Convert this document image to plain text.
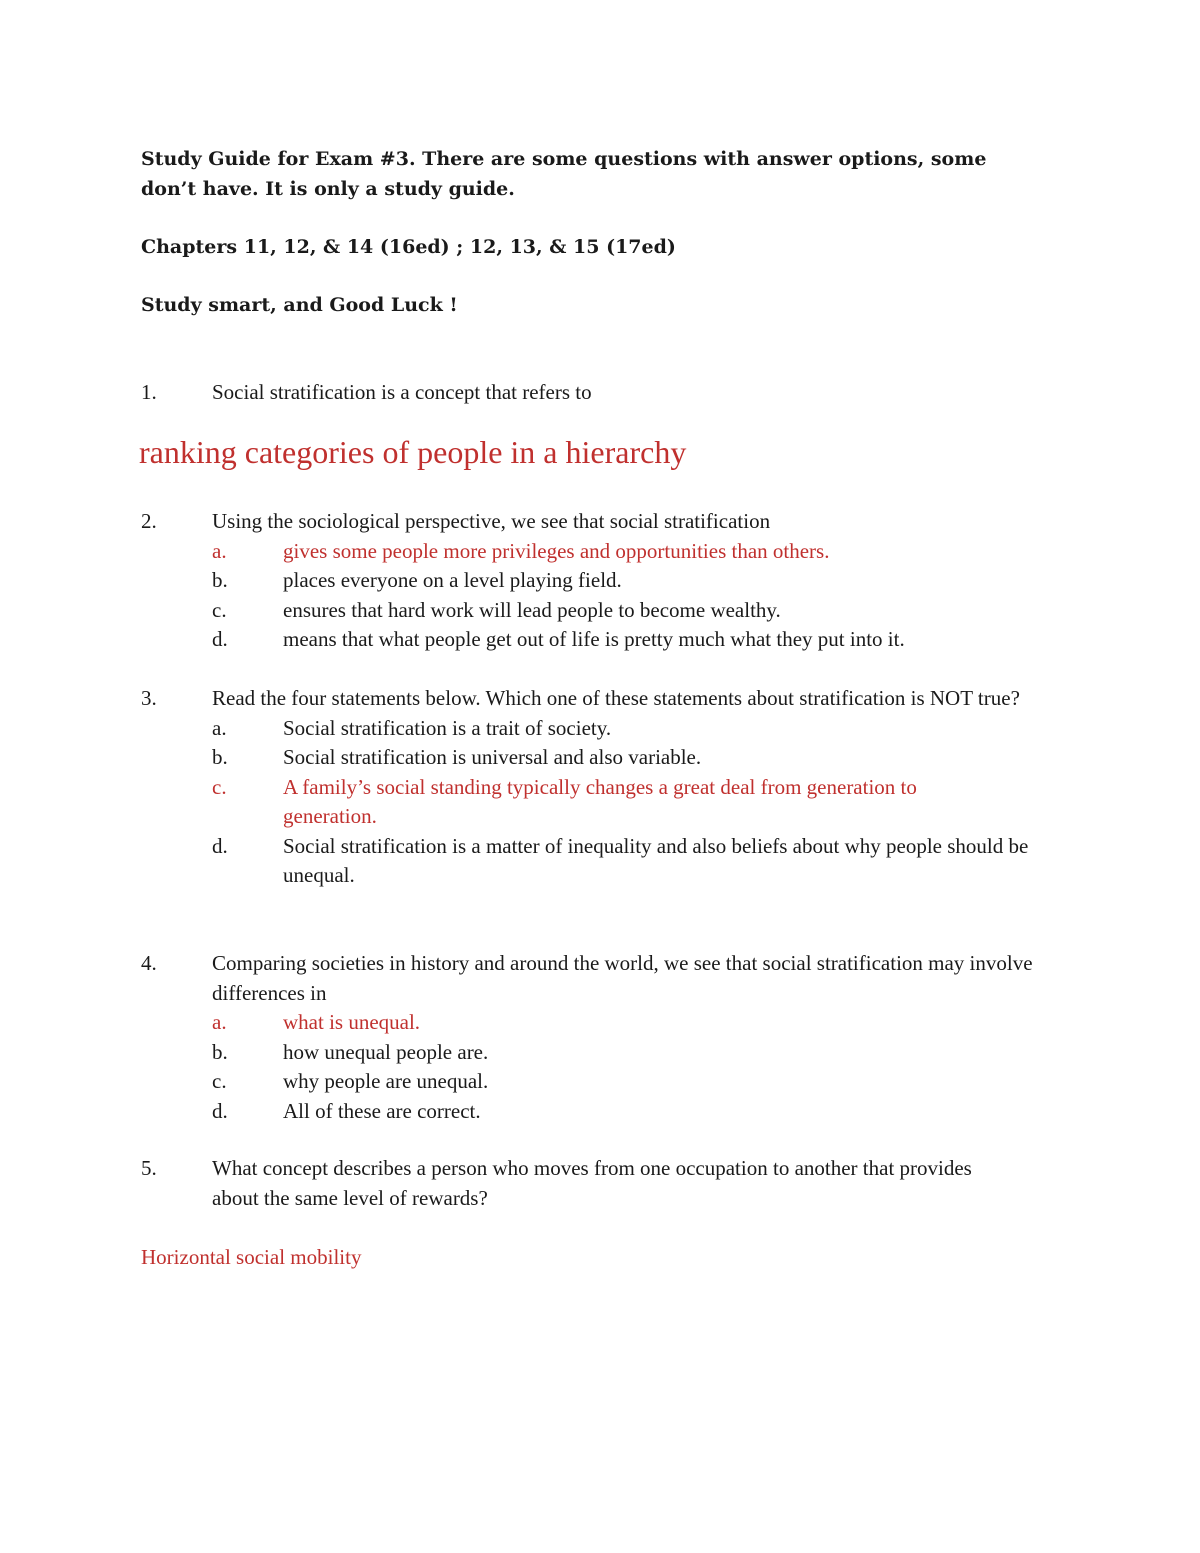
Study Guide for Exam #3. There are some questions with answer options, some don’t have. It is only a study guide.

Chapters 11, 12, & 14 (16ed) ; 12, 13, & 15 (17ed)

Study smart, and Good Luck !

1.	Social stratification is a concept that refers to

ranking categories of people in a hierarchy

2.	Using the sociological perspective, we see that social stratification
a.	gives some people more privileges and opportunities than others.
b.	places everyone on a level playing field.
c.	ensures that hard work will lead people to become wealthy.
d.	means that what people get out of life is pretty much what they put into it.
3.	Read the four statements below. Which one of these statements about stratification is NOT true?
a.	Social stratification is a trait of society.
b.	Social stratification is universal and also variable.
c.	A family’s social standing typically changes a great deal from generation to generation.
d.	Social stratification is a matter of inequality and also beliefs about why people should be unequal.
4.	Comparing societies in history and around the world, we see that social stratification may involve differences in
a.	what is unequal.
b.	how unequal people are.
c.	why people are unequal.
d.	All of these are correct.
5.	What concept describes a person who moves from one occupation to another that provides about the same level of rewards?

Horizontal social mobility
